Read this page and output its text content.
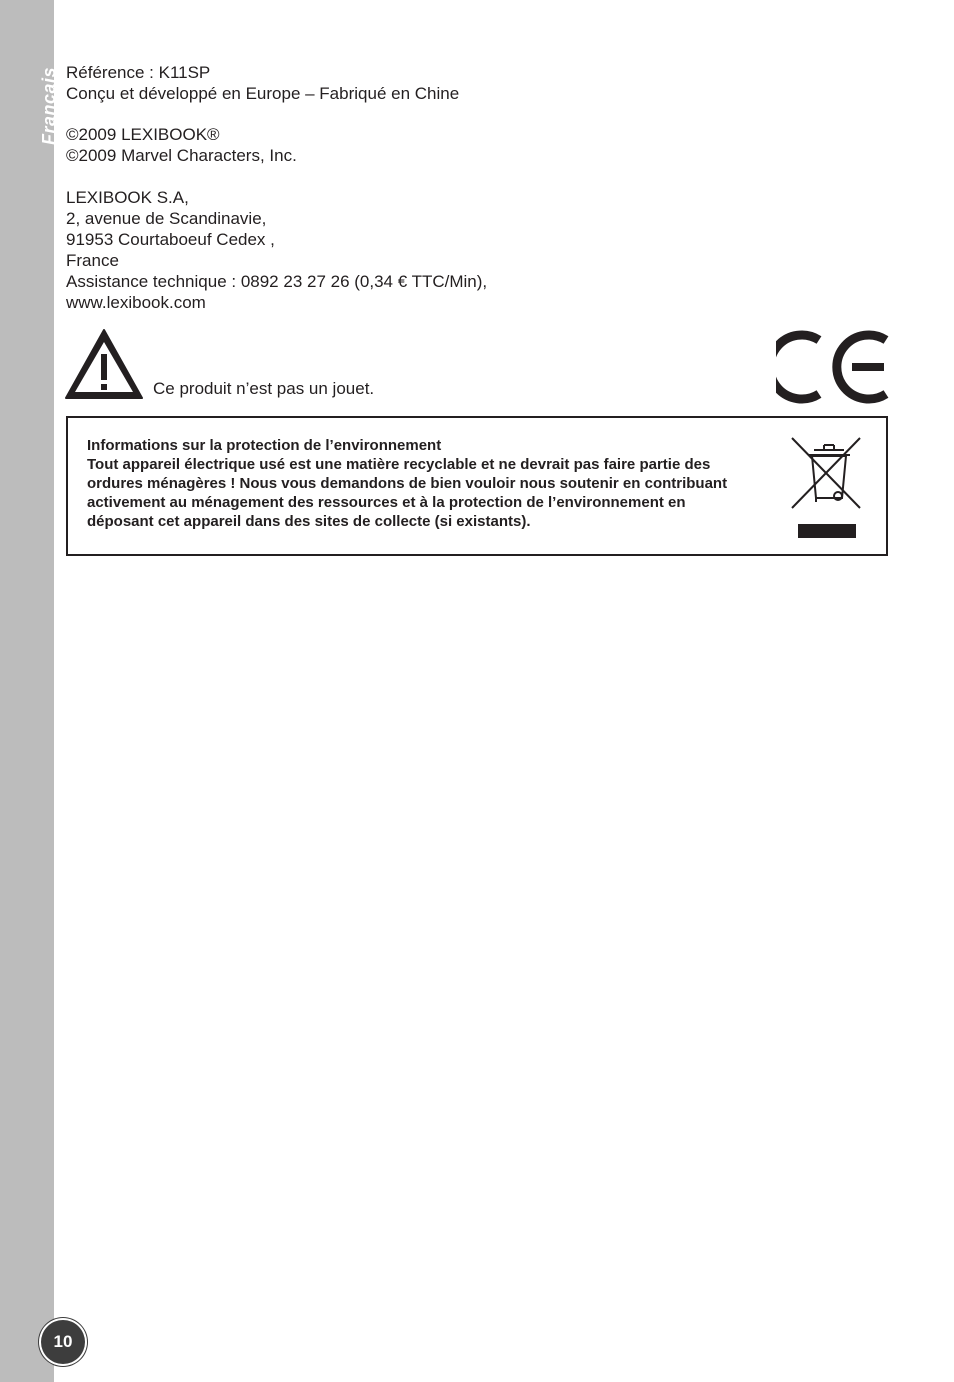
Français
10
Référence : K11SP
Conçu et développé en Europe – Fabriqué en Chine
©2009 LEXIBOOK®
©2009 Marvel Characters, Inc.
LEXIBOOK S.A,
2, avenue de Scandinavie,
91953 Courtaboeuf Cedex ,
France
Assistance technique : 0892 23 27 26 (0,34 € TTC/Min),
www.lexibook.com
Ce produit n’est pas un jouet.
Informations sur la protection de l’environnement
Tout appareil électrique usé est une matière recyclable et ne devrait pas faire partie des
ordures ménagères ! Nous vous demandons de bien vouloir nous soutenir en contribuant
activement au ménagement des ressources et à la protection de l’environnement en
déposant cet appareil dans des sites de collecte (si existants).
